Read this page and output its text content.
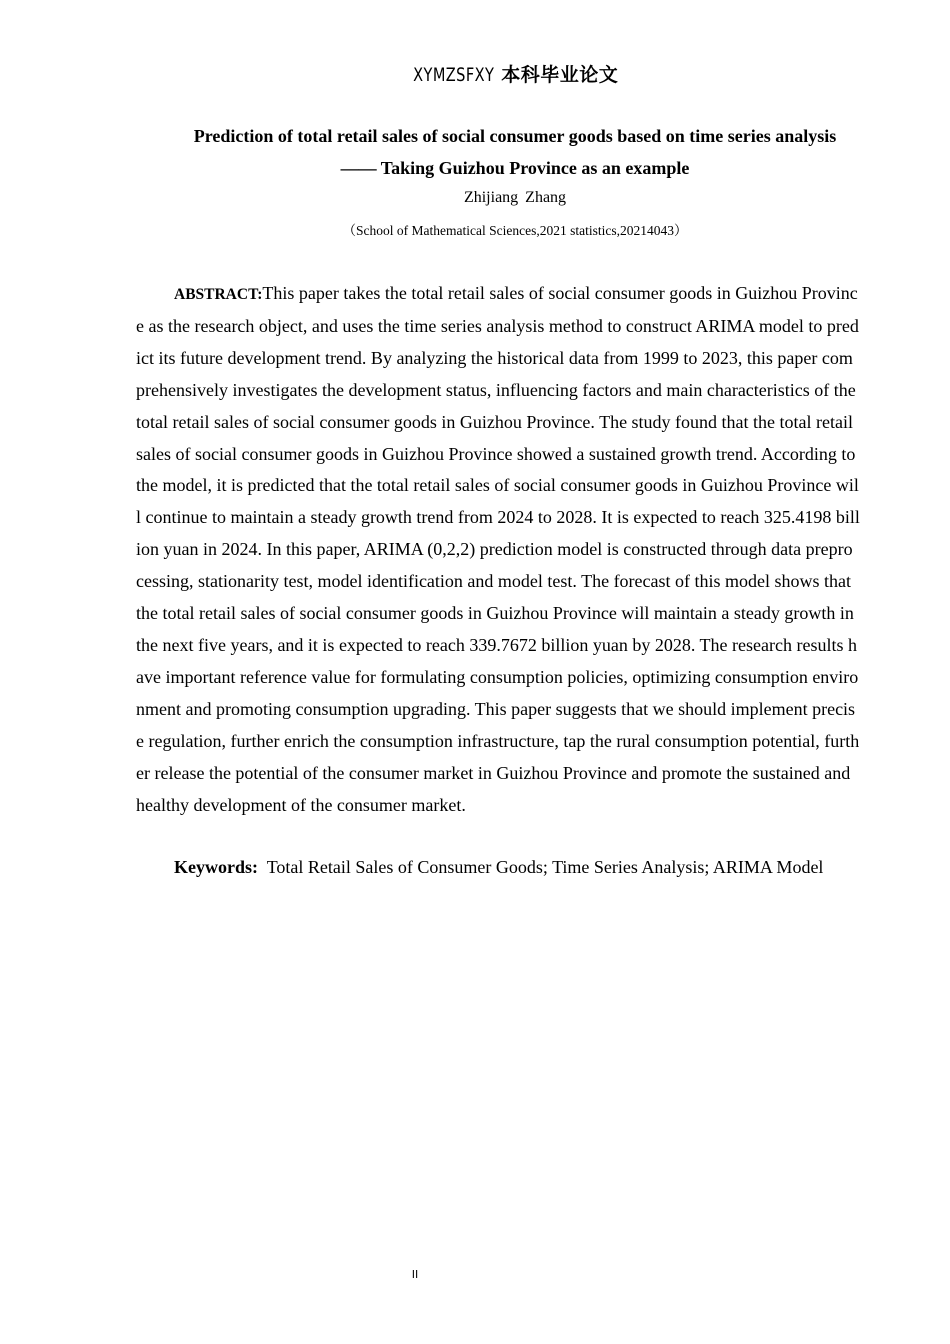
XYMZSFXY 本科毕业论文
Prediction of total retail sales of social consumer goods based on time series analysis
—— Taking Guizhou Province as an example
Zhijiang Zhang
（School of Mathematical Sciences,2021 statistics,20214043）

ABSTRACT:This paper takes the total retail sales of social consumer goods in Guizhou Province as the research object, and uses the time series analysis method to construct ARIMA model to predict its future development trend. By analyzing the historical data from 1999 to 2023, this paper comprehensively investigates the development status, influencing factors and main characteristics of the total retail sales of social consumer goods in Guizhou Province. The study found that the total retail sales of social consumer goods in Guizhou Province showed a sustained growth trend. According to the model, it is predicted that the total retail sales of social consumer goods in Guizhou Province will continue to maintain a steady growth trend from 2024 to 2028. It is expected to reach 325.4198 billion yuan in 2024. In this paper, ARIMA (0,2,2) prediction model is constructed through data preprocessing, stationarity test, model identification and model test. The forecast of this model shows that the total retail sales of social consumer goods in Guizhou Province will maintain a steady growth in the next five years, and it is expected to reach 339.7672 billion yuan by 2028. The research results have important reference value for formulating consumption policies, optimizing consumption environment and promoting consumption upgrading. This paper suggests that we should implement precise regulation, further enrich the consumption infrastructure, tap the rural consumption potential, further release the potential of the consumer market in Guizhou Province and promote the sustained and healthy development of the consumer market.

Keywords: Total Retail Sales of Consumer Goods; Time Series Analysis; ARIMA Model

II
